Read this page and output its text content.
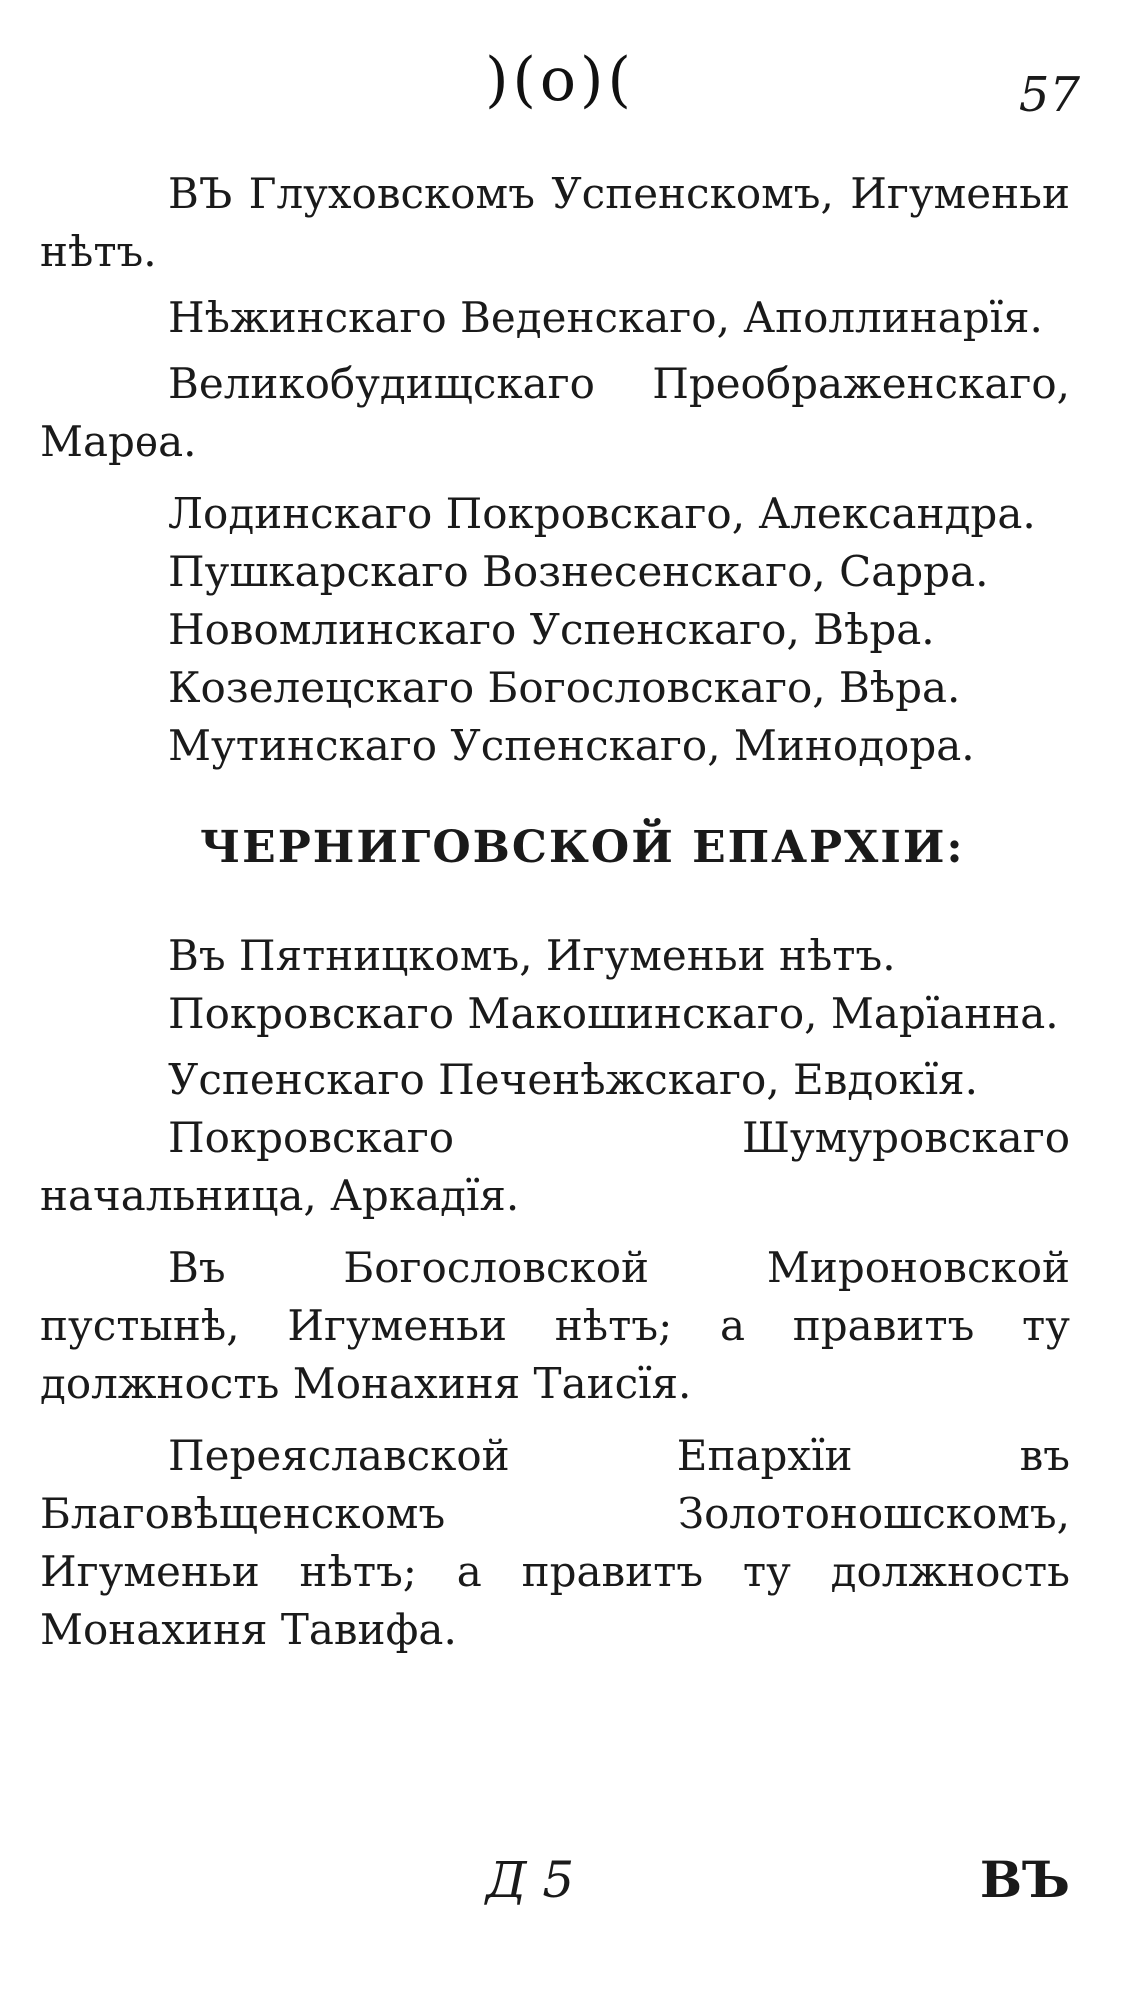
)(o)(	57

ВЪ Глуховскомъ Успенскомъ, Игуменьи нѣтъ.

Нѣжинскаго Веденскаго, Аполлинарїя.

Великобудищскаго Преображенскаго, Марѳа.

Лодинскаго Покровскаго, Александра.

Пушкарскаго Вознесенскаго, Сарра.

Новомлинскаго Успенскаго, Вѣра.

Козелецскаго Богословскаго, Вѣра.

Мутинскаго Успенскаго, Минодора.

ЧЕРНИГОВСКОЙ ЕПАРХІИ:

Въ Пятницкомъ, Игуменьи нѣтъ.

Покровскаго Макошинскаго, Марїанна.

Успенскаго Печенѣжскаго, Евдокїя.

Покровскаго Шумуровскаго начальница, Аркадїя.

Въ Богословской Мироновской пустынѣ, Игуменьи нѣтъ; а правитъ ту должность Монахиня Таисїя.

Переяславской Епархїи въ Благовѣщенскомъ Золотоношскомъ, Игуменьи нѣтъ; а правитъ ту должность Монахиня Тавифа.

Д 5	ВЪ
